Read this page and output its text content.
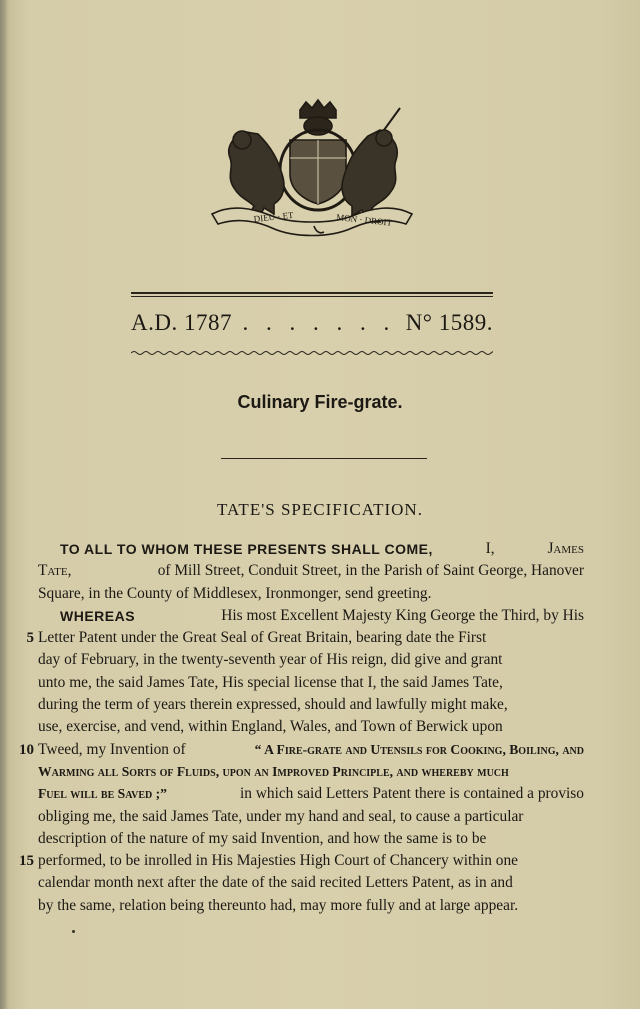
DIEU · ET	MON · DROIT
A.D. 1787 . . . . . . . N° 1589.
Culinary Fire-grate.
TATE'S SPECIFICATION.
TO ALL TO WHOM THESE PRESENTS SHALL COME,	I,	James
Tate,	of Mill Street, Conduit Street, in the Parish of Saint George, Hanover
Square, in the County of Middlesex, Ironmonger, send greeting.
WHEREAS	His most Excellent Majesty King George the Third, by His
5 Letter Patent under the Great Seal of Great Britain, bearing date the First
day of February, in the twenty-seventh year of His reign, did give and grant
unto me, the said James Tate, His special license that I, the said James Tate,
during the term of years therein expressed, should and lawfully might make,
use, exercise, and vend, within England, Wales, and Town of Berwick upon
10 Tweed, my Invention of	“ A Fire-grate and Utensils for Cooking, Boiling, and
Warming all Sorts of Fluids, upon an Improved Principle, and whereby much
Fuel will be Saved ;”	in which said Letters Patent there is contained a proviso
obliging me, the said James Tate, under my hand and seal, to cause a particular
description of the nature of my said Invention, and how the same is to be
15 performed, to be inrolled in His Majesties High Court of Chancery within one
calendar month next after the date of the said recited Letters Patent, as in and
by the same, relation being thereunto had, may more fully and at large appear.
